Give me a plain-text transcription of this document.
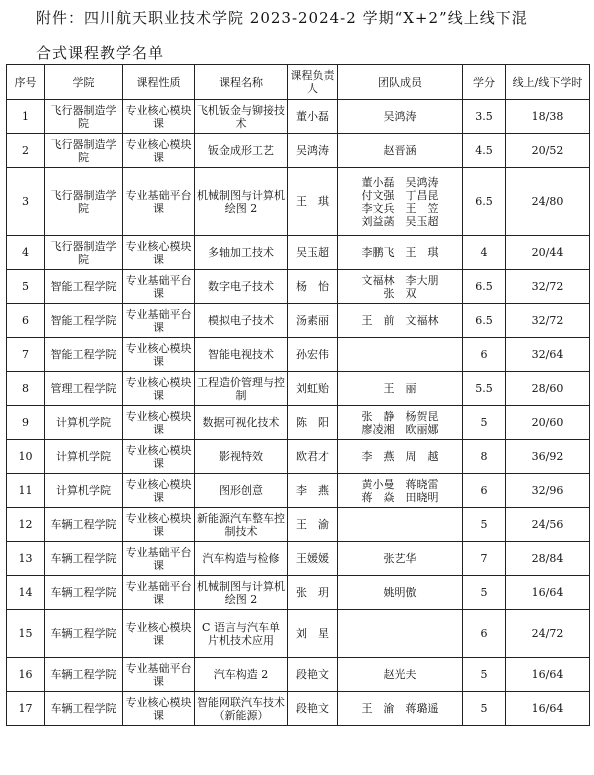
附件：四川航天职业技术学院 2023-2024-2 学期“X+2”线上线下混
合式课程教学名单
序号	学院	课程性质	课程名称	课程负责人	团队成员	学分	线上/线下学时
1	飞行器制造学院	专业核心模块课	飞机钣金与铆接技术	董小磊	吴鸿涛	3.5	18/38
2	飞行器制造学院	专业核心模块课	钣金成形工艺	吴鸿涛	赵晋涵	4.5	20/52
3	飞行器制造学院	专业基础平台课	机械制图与计算机绘图 2	王　琪	董小磊　吴鸿涛
付文强　丁昌昆
李文兵　王　笠
刘益菡　吴玉超	6.5	24/80
4	飞行器制造学院	专业核心模块课	多轴加工技术	吴玉超	李鹏飞　王　琪	4	20/44
5	智能工程学院	专业基础平台课	数字电子技术	杨　怡	文福林　李大朋
张　双	6.5	32/72
6	智能工程学院	专业基础平台课	模拟电子技术	汤素丽	王　前　文福林	6.5	32/72
7	智能工程学院	专业核心模块课	智能电视技术	孙宏伟		6	32/64
8	管理工程学院	专业核心模块课	工程造价管理与控制	刘虹贻	王　丽	5.5	28/60
9	计算机学院	专业核心模块课	数据可视化技术	陈　阳	张　静　杨贺昆
廖凌湘　欧丽娜	5	20/60
10	计算机学院	专业核心模块课	影视特效	欧君才	李　燕　周　越	8	36/92
11	计算机学院	专业核心模块课	图形创意	李　燕	黄小曼　蒋晓雷
蒋　焱　田晓明	6	32/96
12	车辆工程学院	专业核心模块课	新能源汽车整车控制技术	王　渝		5	24/56
13	车辆工程学院	专业基础平台课	汽车构造与检修	王媛媛	张艺华	7	28/84
14	车辆工程学院	专业基础平台课	机械制图与计算机绘图 2	张　玥	姚明傲	5	16/64
15	车辆工程学院	专业核心模块课	C 语言与汽车单片机技术应用	刘　星		6	24/72
16	车辆工程学院	专业基础平台课	汽车构造 2	段艳文	赵光夫	5	16/64
17	车辆工程学院	专业核心模块课	智能网联汽车技术（新能源）	段艳文	王　渝　蒋璐遥	5	16/64
